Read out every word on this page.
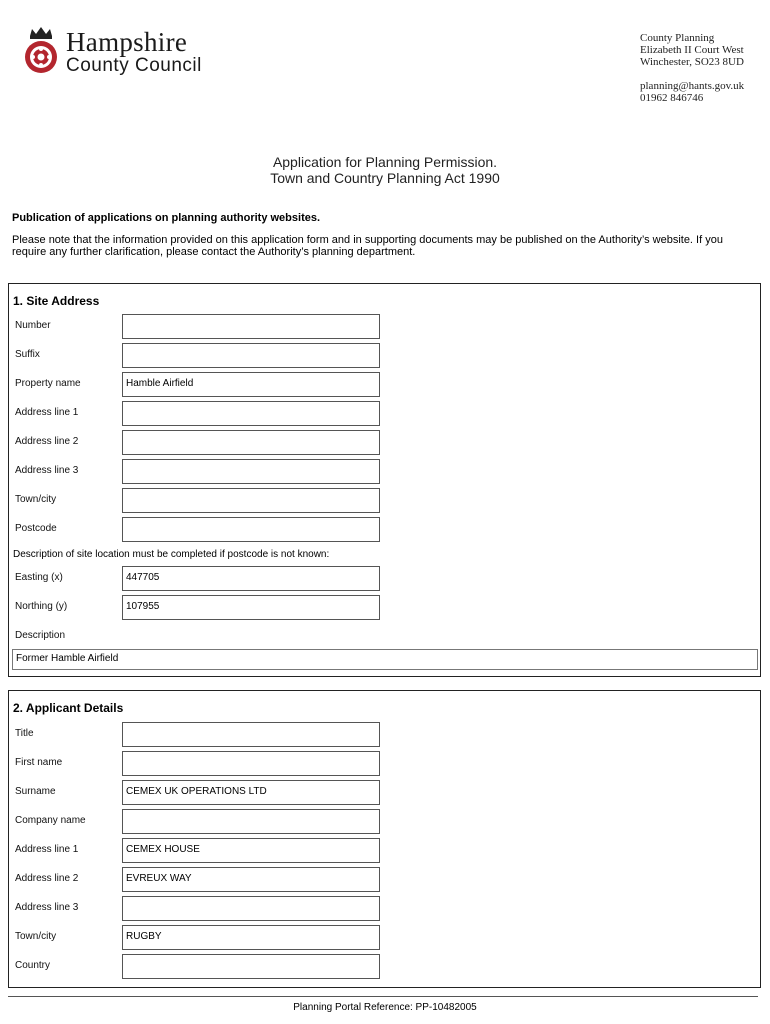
Hampshire
County Council
County Planning
Elizabeth II Court West
Winchester, SO23 8UD
planning@hants.gov.uk
01962 846746
Application for Planning Permission.
Town and Country Planning Act 1990
Publication of applications on planning authority websites.
Please note that the information provided on this application form and in supporting documents may be published on the Authority’s website. If you require any further clarification, please contact the Authority’s planning department.
1. Site Address
Number
Suffix
Property name	Hamble Airfield
Address line 1
Address line 2
Address line 3
Town/city
Postcode
Description of site location must be completed if postcode is not known:
Easting (x)	447705
Northing (y)	107955
Description
Former Hamble Airfield
2. Applicant Details
Title
First name
Surname	CEMEX UK OPERATIONS LTD
Company name
Address line 1	CEMEX HOUSE
Address line 2	EVREUX WAY
Address line 3
Town/city	RUGBY
Country
Planning Portal Reference: PP-10482005
